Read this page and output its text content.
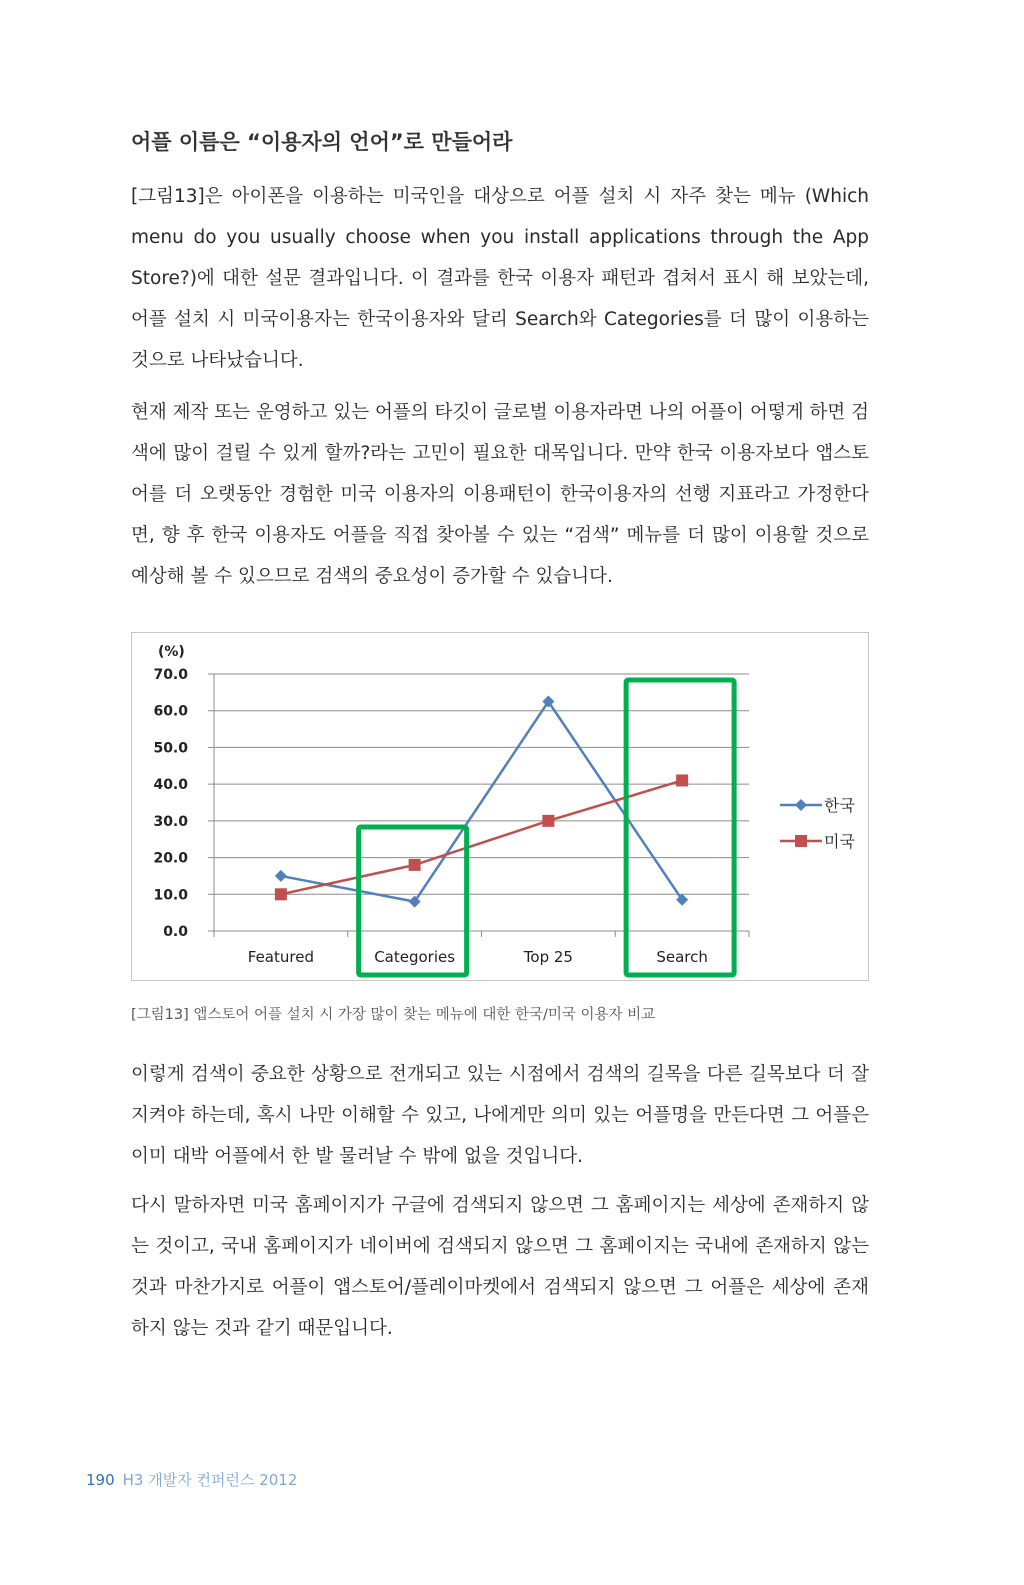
어플 이름은 “이용자의 언어”로 만들어라

[그림13]은 아이폰을 이용하는 미국인을 대상으로 어플 설치 시 자주 찾는 메뉴 (Which menu do you usually choose when you install applications through the App Store?)에 대한 설문 결과입니다. 이 결과를 한국 이용자 패턴과 겹쳐서 표시 해 보았는데, 어플 설치 시 미국이용자는 한국이용자와 달리 Search와 Categories를 더 많이 이용하는 것으로 나타났습니다.

현재 제작 또는 운영하고 있는 어플의 타깃이 글로벌 이용자라면 나의 어플이 어떻게 하면 검색에 많이 걸릴 수 있게 할까?라는 고민이 필요한 대목입니다. 만약 한국 이용자보다 앱스토어를 더 오랫동안 경험한 미국 이용자의 이용패턴이 한국이용자의 선행 지표라고 가정한다면, 향 후 한국 이용자도 어플을 직접 찾아볼 수 있는 “검색” 메뉴를 더 많이 이용할 것으로 예상해 볼 수 있으므로 검색의 중요성이 증가할 수 있습니다.

(%)
70.0
60.0
50.0
40.0
30.0
20.0
10.0
0.0
Featured	Categories	Top 25	Search
한국
미국

[그림13] 앱스토어 어플 설치 시 가장 많이 찾는 메뉴에 대한 한국/미국 이용자 비교

이렇게 검색이 중요한 상황으로 전개되고 있는 시점에서 검색의 길목을 다른 길목보다 더 잘 지켜야 하는데, 혹시 나만 이해할 수 있고, 나에게만 의미 있는 어플명을 만든다면 그 어플은 이미 대박 어플에서 한 발 물러날 수 밖에 없을 것입니다.

다시 말하자면 미국 홈페이지가 구글에 검색되지 않으면 그 홈페이지는 세상에 존재하지 않는 것이고, 국내 홈페이지가 네이버에 검색되지 않으면 그 홈페이지는 국내에 존재하지 않는 것과 마찬가지로 어플이 앱스토어/플레이마켓에서 검색되지 않으면 그 어플은 세상에 존재하지 않는 것과 같기 때문입니다.

190 H3 개발자 컨퍼런스 2012
